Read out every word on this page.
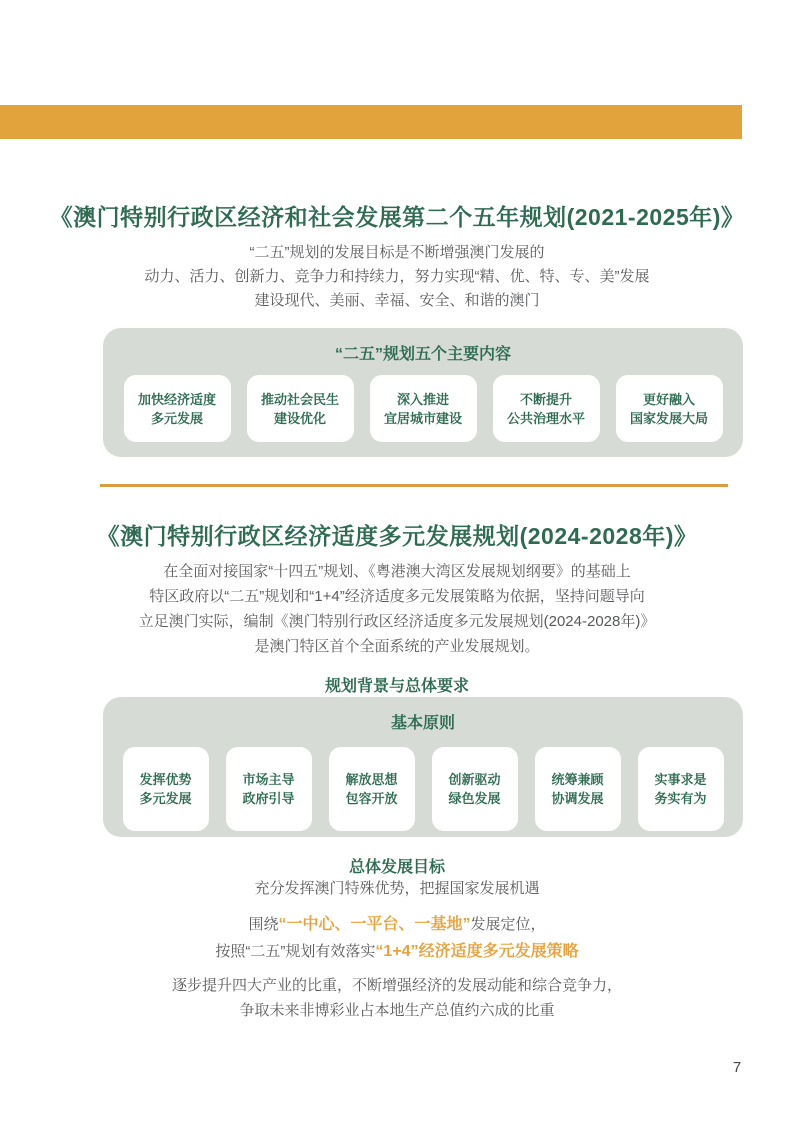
《澳门特别行政区经济和社会发展第二个五年规划(2021-2025年)》
“二五”规划的发展目标是不断增强澳门发展的
动力、活力、创新力、竞争力和持续力，努力实现“精、优、特、专、美”发展
建设现代、美丽、幸福、安全、和谐的澳门
“二五”规划五个主要内容
加快经济适度
多元发展
推动社会民生
建设优化
深入推进
宜居城市建设
不断提升
公共治理水平
更好融入
国家发展大局
《澳门特别行政区经济适度多元发展规划(2024-2028年)》
在全面对接国家“十四五”规划、《粤港澳大湾区发展规划纲要》的基础上
特区政府以“二五”规划和“1+4”经济适度多元发展策略为依据，坚持问题导向
立足澳门实际，编制《澳门特别行政区经济适度多元发展规划(2024-2028年)》
是澳门特区首个全面系统的产业发展规划。
规划背景与总体要求
基本原则
发挥优势
多元发展
市场主导
政府引导
解放思想
包容开放
创新驱动
绿色发展
统筹兼顾
协调发展
实事求是
务实有为
总体发展目标
充分发挥澳门特殊优势，把握国家发展机遇
围绕“一中心、一平台、一基地”发展定位，
按照“二五”规划有效落实“1+4”经济适度多元发展策略
逐步提升四大产业的比重，不断增强经济的发展动能和综合竞争力，
争取未来非博彩业占本地生产总值约六成的比重
7
